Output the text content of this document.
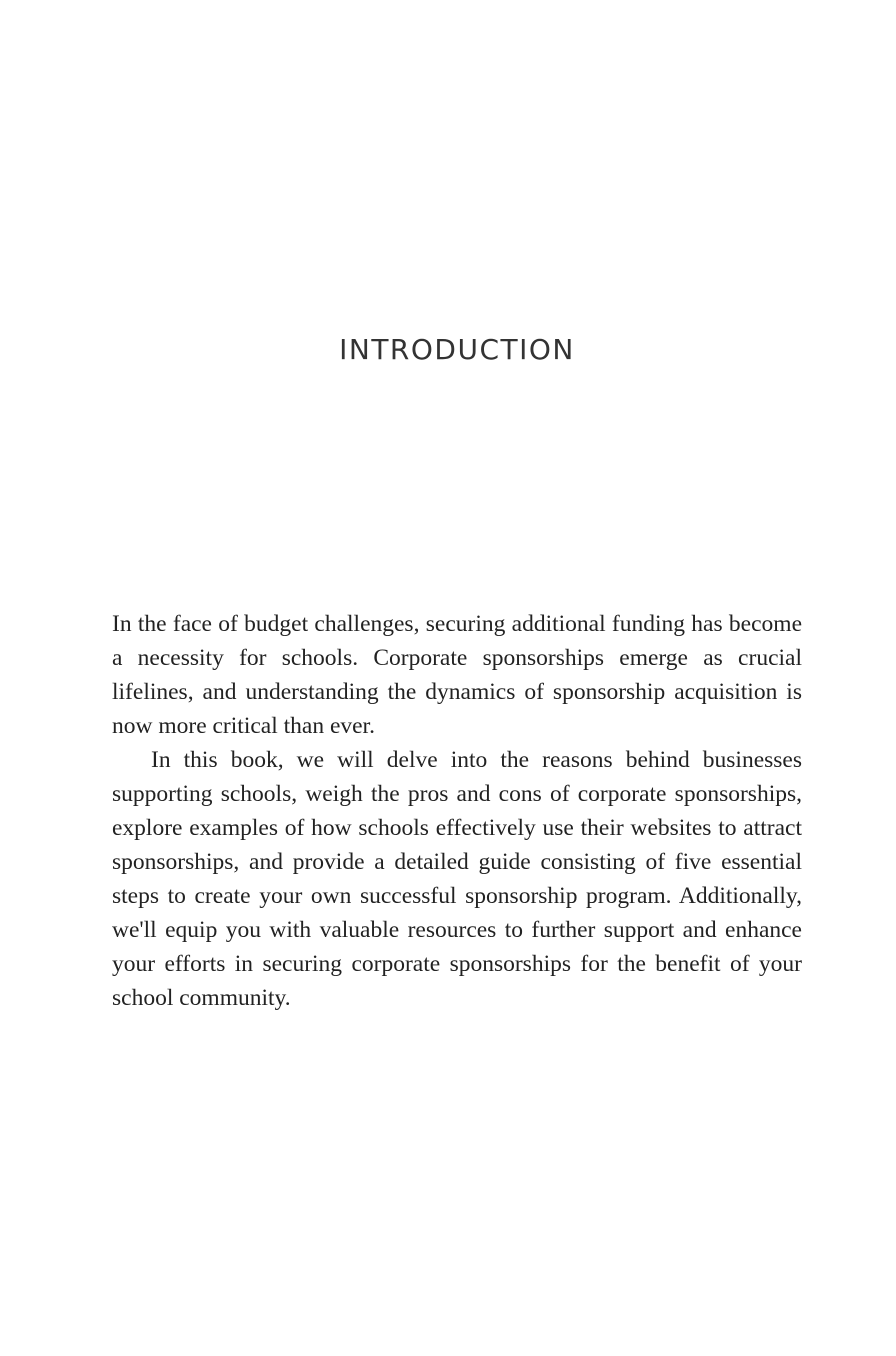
INTRODUCTION

In the face of budget challenges, securing additional funding has become a necessity for schools. Corporate sponsorships emerge as crucial lifelines, and understanding the dynamics of sponsorship acquisition is now more critical than ever.

In this book, we will delve into the reasons behind businesses supporting schools, weigh the pros and cons of corporate sponsorships, explore examples of how schools effectively use their websites to attract sponsorships, and provide a detailed guide consisting of five essential steps to create your own successful sponsorship program. Additionally, we'll equip you with valuable resources to further support and enhance your efforts in securing corporate sponsorships for the benefit of your school community.
